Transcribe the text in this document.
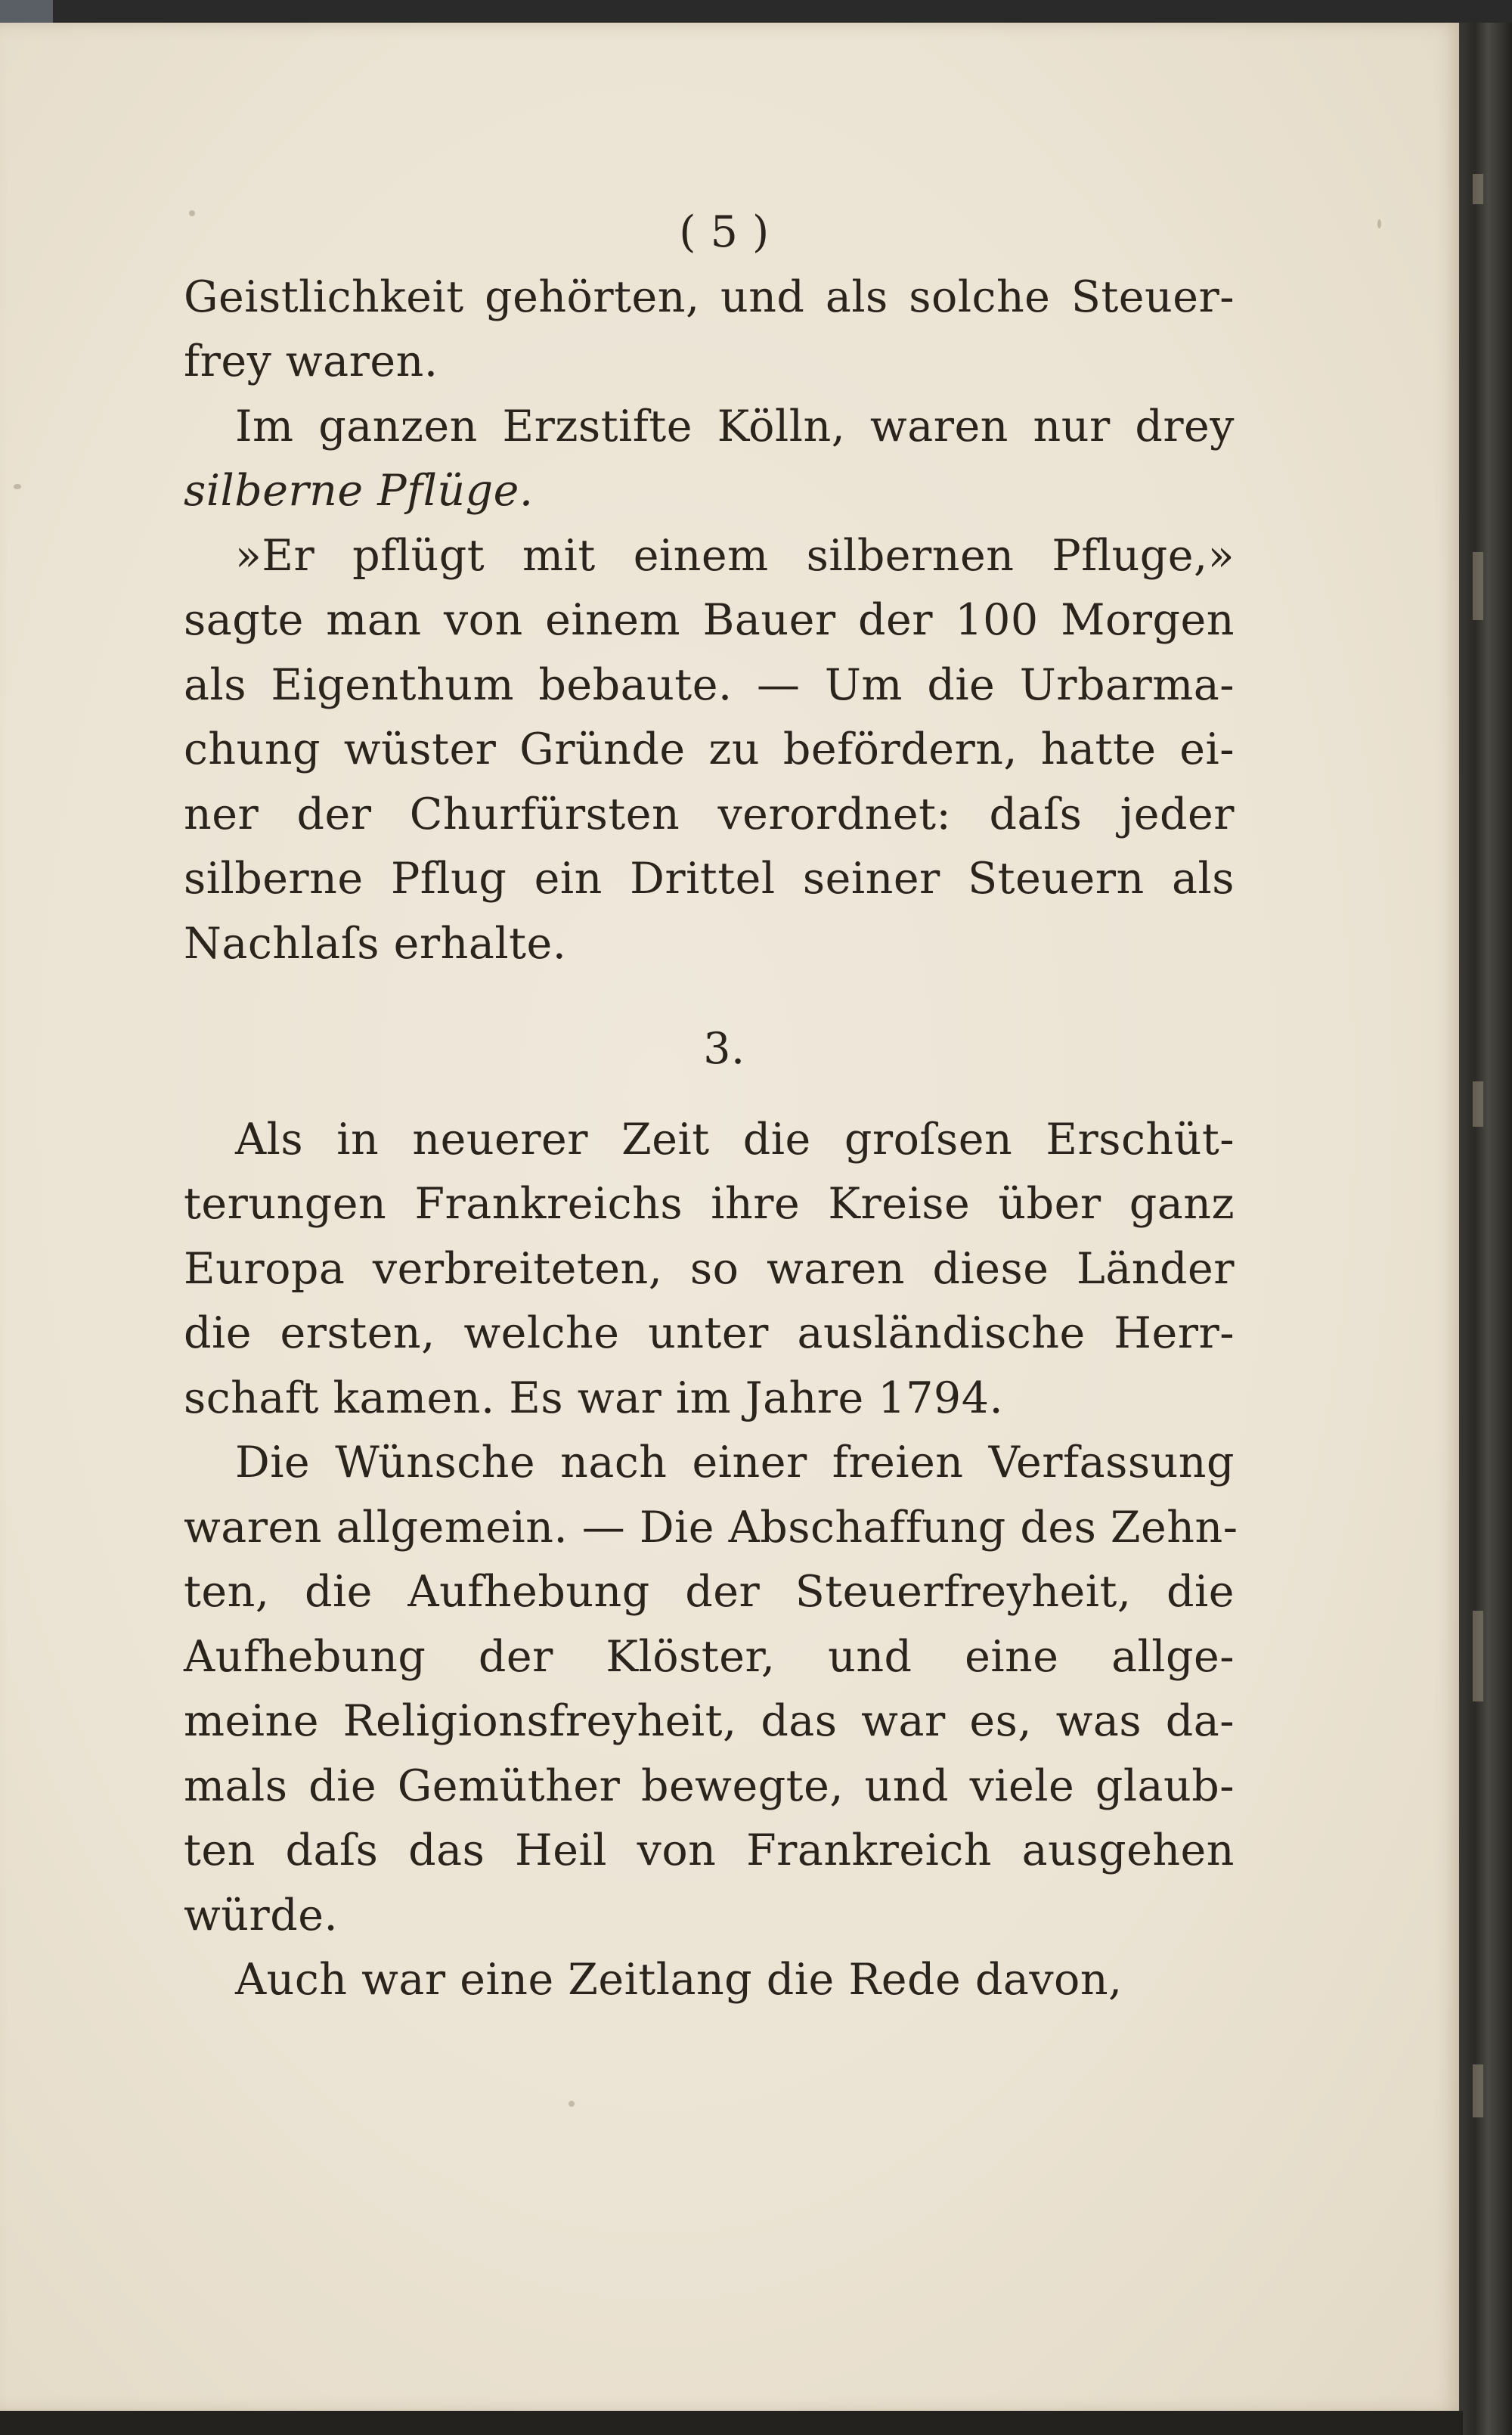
( 5 )
Geistlichkeit gehörten, und als solche Steuer-
frey waren.
Im ganzen Erzstifte Kölln, waren nur drey
silberne Pflüge.
»Er pflügt mit einem silbernen Pfluge,»
sagte man von einem Bauer der 100 Morgen
als Eigenthum bebaute. — Um die Urbarma-
chung wüster Gründe zu befördern, hatte ei-
ner der Churfürsten verordnet: daſs jeder
silberne Pflug ein Drittel seiner Steuern als
Nachlaſs erhalte.
3.
Als in neuerer Zeit die groſsen Erschüt-
terungen Frankreichs ihre Kreise über ganz
Europa verbreiteten, so waren diese Länder
die ersten, welche unter ausländische Herr-
schaft kamen. Es war im Jahre 1794.
Die Wünsche nach einer freien Verfassung
waren allgemein. — Die Abschaffung des Zehn-
ten, die Aufhebung der Steuerfreyheit, die
Aufhebung der Klöster, und eine allge-
meine Religionsfreyheit, das war es, was da-
mals die Gemüther bewegte, und viele glaub-
ten daſs das Heil von Frankreich ausgehen
würde.
Auch war eine Zeitlang die Rede davon,
